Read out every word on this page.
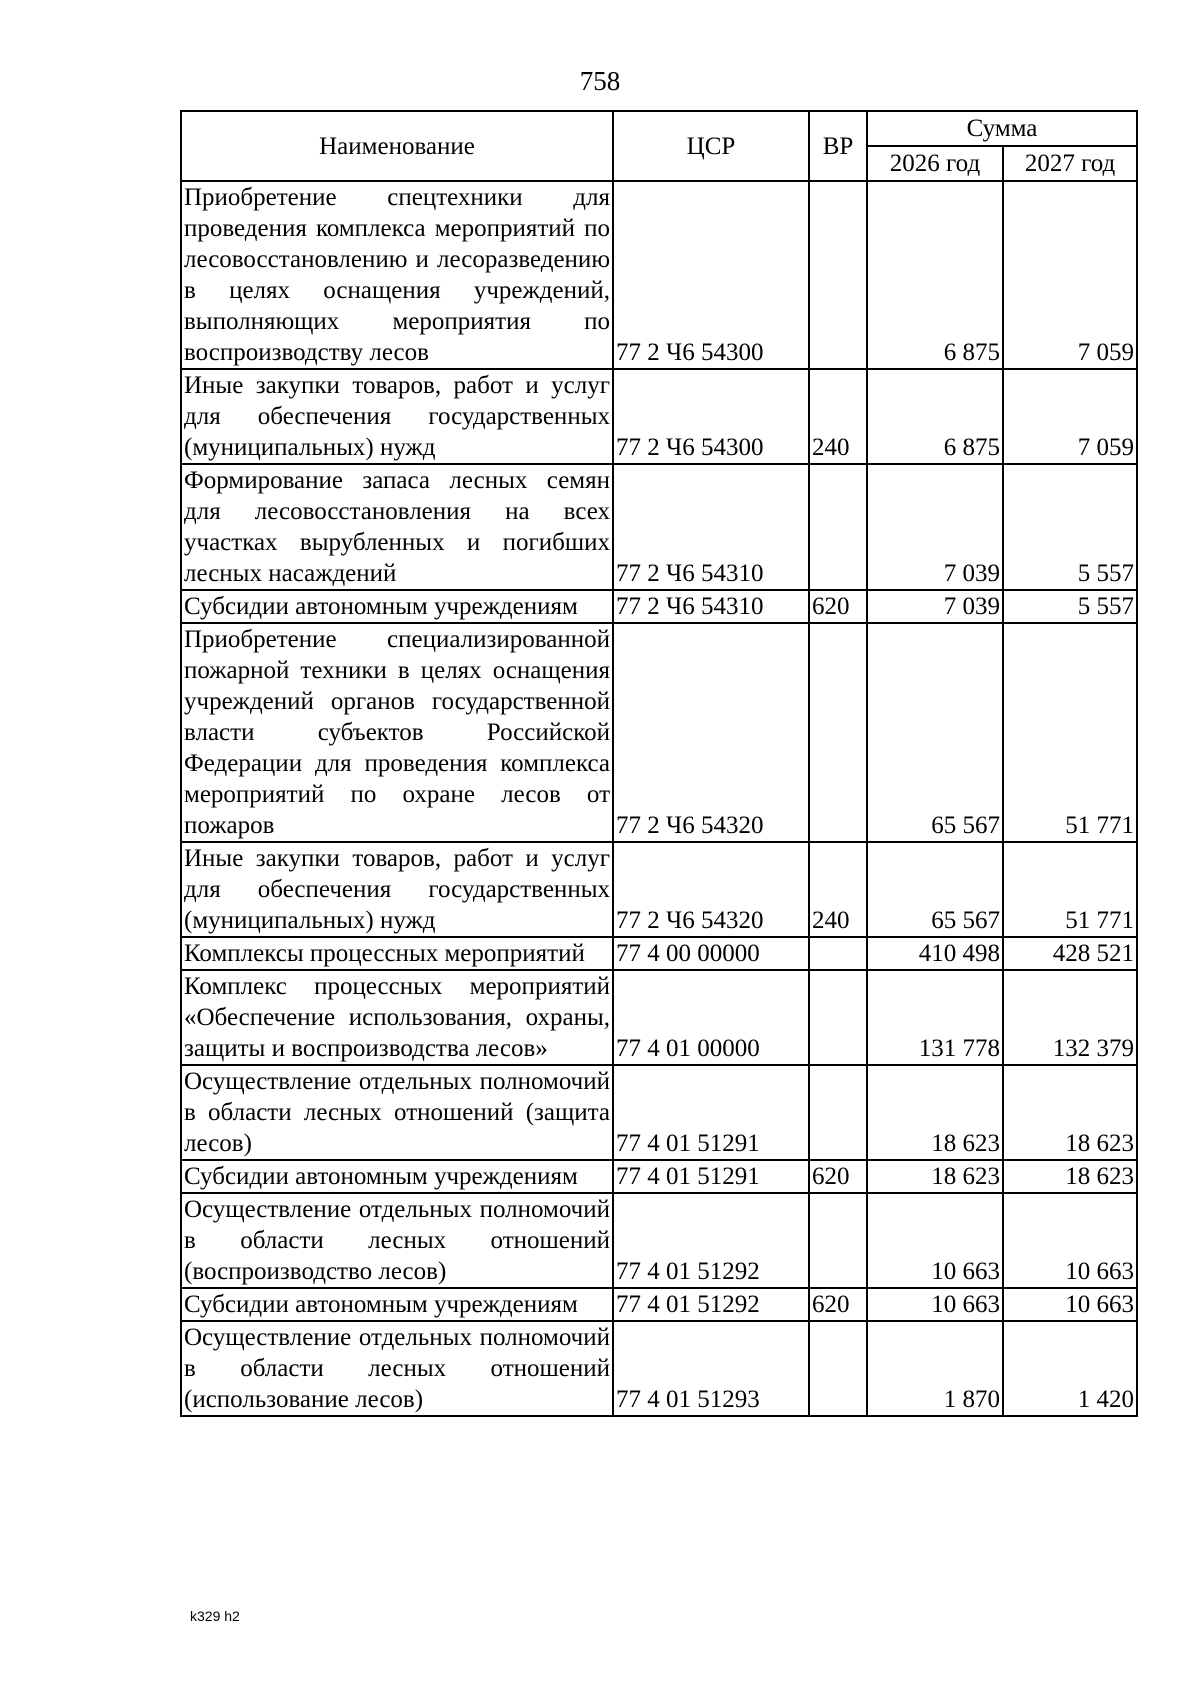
758
Наименование	ЦСР	ВР	Сумма	
			2026 год	2027 год
Приобретение спецтехники для проведения комплекса мероприятий по лесовосстановлению и лесоразведению в целях оснащения учреждений, выполняющих мероприятия по воспроизводству лесов	77 2 Ч6 54300		6 875	7 059
Иные закупки товаров, работ и услуг для обеспечения государственных (муниципальных) нужд	77 2 Ч6 54300	240	6 875	7 059
Формирование запаса лесных семян для лесовосстановления на всех участках вырубленных и погибших лесных насаждений	77 2 Ч6 54310		7 039	5 557
Субсидии автономным учреждениям	77 2 Ч6 54310	620	7 039	5 557
Приобретение специализированной пожарной техники в целях оснащения учреждений органов государственной власти субъектов Российской Федерации для проведения комплекса мероприятий по охране лесов от пожаров	77 2 Ч6 54320		65 567	51 771
Иные закупки товаров, работ и услуг для обеспечения государственных (муниципальных) нужд	77 2 Ч6 54320	240	65 567	51 771
Комплексы процессных мероприятий	77 4 00 00000		410 498	428 521
Комплекс процессных мероприятий «Обеспечение использования, охраны, защиты и воспроизводства лесов»	77 4 01 00000		131 778	132 379
Осуществление отдельных полномочий в области лесных отношений (защита лесов)	77 4 01 51291		18 623	18 623
Субсидии автономным учреждениям	77 4 01 51291	620	18 623	18 623
Осуществление отдельных полномочий в области лесных отношений (воспроизводство лесов)	77 4 01 51292		10 663	10 663
Субсидии автономным учреждениям	77 4 01 51292	620	10 663	10 663
Осуществление отдельных полномочий в области лесных отношений (использование лесов)	77 4 01 51293		1 870	1 420
k329 h2
